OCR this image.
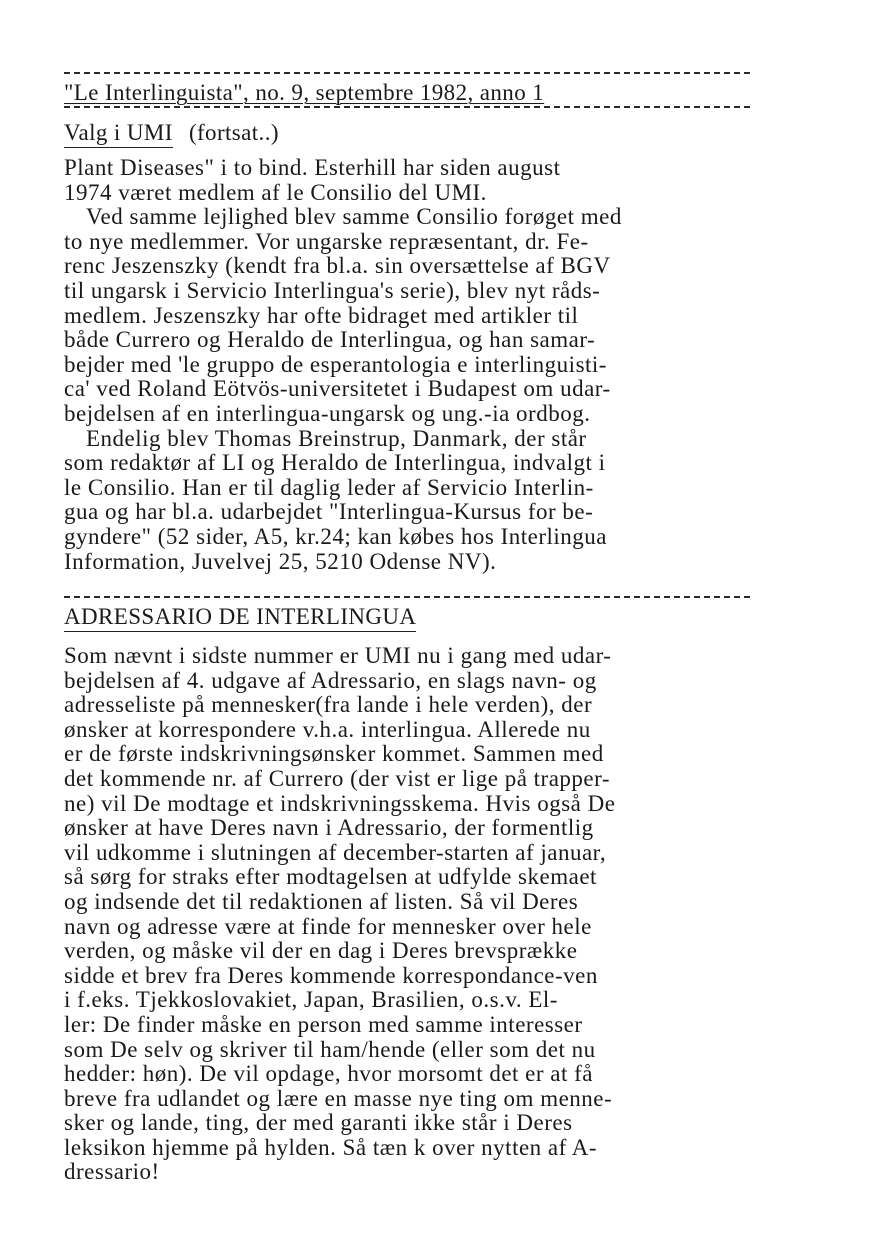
"Le Interlinguista", no. 9, septembre 1982, anno 1
Valg i UMI (fortsat..)
Plant Diseases" i to bind. Esterhill har siden august
1974 været medlem af le Consilio del UMI.
Ved samme lejlighed blev samme Consilio forøget med
to nye medlemmer. Vor ungarske repræsentant, dr. Fe-
renc Jeszenszky (kendt fra bl.a. sin oversættelse af BGV
til ungarsk i Servicio Interlingua's serie), blev nyt råds-
medlem. Jeszenszky har ofte bidraget med artikler til
både Currero og Heraldo de Interlingua, og han samar-
bejder med 'le gruppo de esperantologia e interlinguisti-
ca' ved Roland Eötvös-universitetet i Budapest om udar-
bejdelsen af en interlingua-ungarsk og ung.-ia ordbog.
Endelig blev Thomas Breinstrup, Danmark, der står
som redaktør af LI og Heraldo de Interlingua, indvalgt i
le Consilio. Han er til daglig leder af Servicio Interlin-
gua og har bl.a. udarbejdet "Interlingua-Kursus for be-
gyndere" (52 sider, A5, kr.24; kan købes hos Interlingua
Information, Juvelvej 25, 5210 Odense NV).
ADRESSARIO DE INTERLINGUA
Som nævnt i sidste nummer er UMI nu i gang med udar-
bejdelsen af 4. udgave af Adressario, en slags navn- og
adresseliste på mennesker(fra lande i hele verden), der
ønsker at korrespondere v.h.a. interlingua. Allerede nu
er de første indskrivningsønsker kommet. Sammen med
det kommende nr. af Currero (der vist er lige på trapper-
ne) vil De modtage et indskrivningsskema. Hvis også De
ønsker at have Deres navn i Adressario, der formentlig
vil udkomme i slutningen af december-starten af januar,
så sørg for straks efter modtagelsen at udfylde skemaet
og indsende det til redaktionen af listen. Så vil Deres
navn og adresse være at finde for mennesker over hele
verden, og måske vil der en dag i Deres brevsprække
sidde et brev fra Deres kommende korrespondance-ven
i f.eks. Tjekkoslovakiet, Japan, Brasilien, o.s.v. El-
ler: De finder måske en person med samme interesser
som De selv og skriver til ham/hende (eller som det nu
hedder: høn). De vil opdage, hvor morsomt det er at få
breve fra udlandet og lære en masse nye ting om menne-
sker og lande, ting, der med garanti ikke står i Deres
leksikon hjemme på hylden. Så tæn k over nytten af A-
dressario!
